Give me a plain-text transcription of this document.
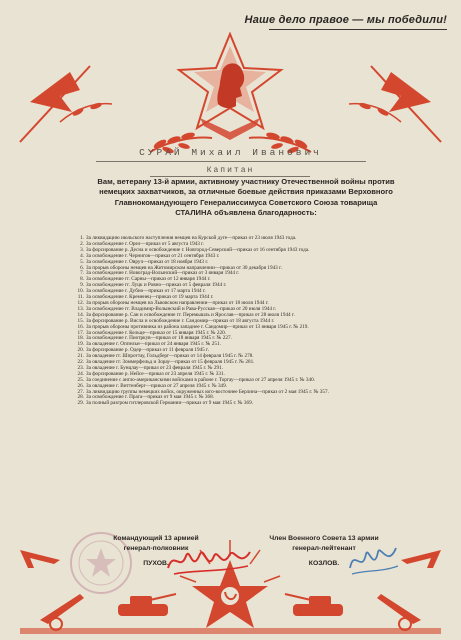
Наше дело правое — мы победили!
СУРАЙ Михаил Иванович
Капитан
Вам, ветерану 13-й армии, активному участнику Отечественной войны против немецких захватчиков, за отличные боевые действия приказами Верховного Главнокомандующего Генералиссимуса Советского Союза товарища СТАЛИНА объявлена благодарность:
1. За ликвидацию июльского наступления немцев на Курской дуге—приказ от 23 июля 1943 года.
2. За освобождение г. Орел—приказ от 5 августа 1943 г.
3. За форсирование р. Десна и освобождение г. Новгород-Северский—приказ от 16 сентября 1943 года.
4. За освобождение г. Чернигов—приказ от 21 сентября 1943 г.
5. За освобождение г. Овруч—приказ от 18 ноября 1943 г.
6. За прорыв обороны немцев на Житомирском направлении—приказ от 30 декабря 1943 г.
7. За освобождение г. Новоград-Волынский—приказ от 3 января 1944 г.
8. За освобождение гг. Сарны—приказ от 12 января 1944 г.
9. За освобождение гг. Луцк и Ровно—приказ от 5 февраля 1944 г.
10. За освобождение г. Дубно—приказ от 17 марта 1944 г.
11. За освобождение г. Кременец—приказ от 19 марта 1944 г.
12. За прорыв обороны немцев на Львовском направлении—приказ от 18 июля 1944 г.
13. За освобождение гг. Владимир-Волынский и Рава-Русская—приказ от 20 июля 1944 г.
14. За форсирование р. Сан и освобождение гг. Перемышль и Ярослав—приказ от 28 июля 1944 г.
15. За форсирование р. Висла и освобождение г. Сандомир—приказ от 18 августа 1944 г.
16. За прорыв обороны противника из района западнее г. Сандомир—приказ от 13 января 1945 г. № 219.
17. За освобождение г. Кельце—приказ от 15 января 1945 г. № 220.
18. За освобождение г. Пиотркув—приказ от 18 января 1945 г. № 227.
19. За овладение г. Оппельн—приказ от 24 января 1945 г. № 251.
20. За форсирование р. Одер—приказ от 11 февраля 1945 г.
21. За овладение гг. Шпроттау, Гольдберг—приказ от 14 февраля 1945 г. № 278.
22. За овладение гг. Зоммерфельд и Зорау—приказ от 15 февраля 1945 г. № 281.
23. За овладение г. Бунцлау—приказ от 23 февраля 1945 г. № 291.
24. За форсирование р. Нейсе—приказ от 23 апреля 1945 г. № 331.
25. За соединение с англо-американскими войсками в районе г. Торгау—приказ от 27 апреля 1945 г. № 340.
26. За овладение г. Виттенберг—приказ от 27 апреля 1945 г. № 349.
27. За ликвидацию группы немецких войск, окруженных юго-восточнее Берлина—приказ от 2 мая 1945 г. № 357.
28. За освобождение г. Прага—приказ от 9 мая 1945 г. № 368.
29. За полный разгром гитлеровской Германии—приказ от 9 мая 1945 г. № 369.
Командующий 13 армией
генерал-полковник
ПУХОВ.
Член Военного Совета 13 армии
генерал-лейтенант
КОЗЛОВ.
